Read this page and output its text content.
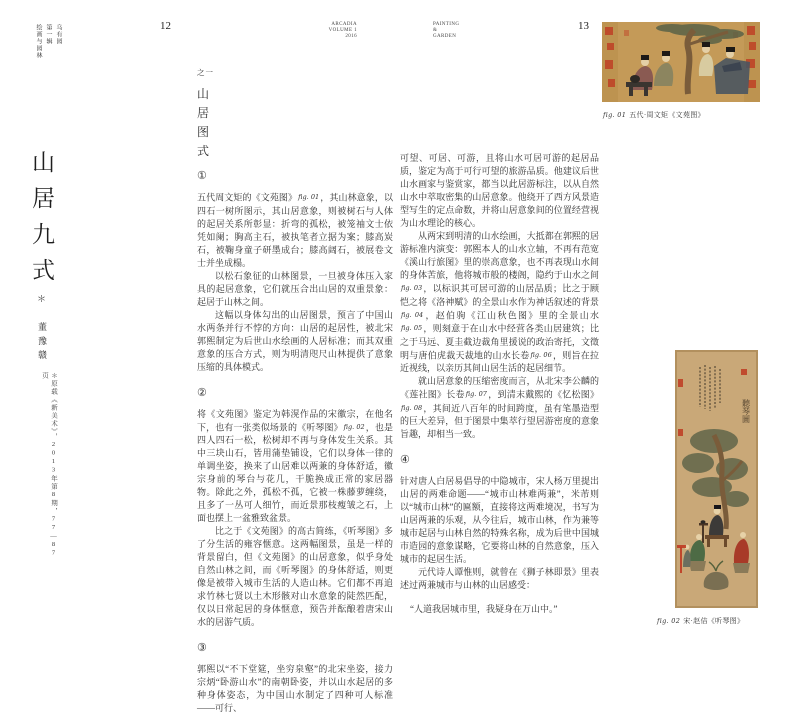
乌有园
第一辑
绘画与园林
山居九式＊
董豫赣
＊原载《新美术》，2013年第8期，77—87页
12	ARCADIA
VOLUME 1
2016
PAINTING
&
GARDEN
13
之一
山
居
图
式
①

五代周文矩的《文苑图》fig. 01，其山林意象，以四石一树所图示，其山居意象，则被树石与人体的起居关系所彰显：折弯的孤松，被笼袖文士依凭如阑；胸高主石，被执笔者立据为案；膝高炭石，被鞠身童子研墨成台；膝高阔石，被展卷文士并坐成榻。

以松石象征的山林图景，一旦被身体压入家具的起居意象，它们就压合出山居的双重景象：起居于山林之间。

这幅以身体勾出的山居图景，预言了中国山水两条并行不悖的方向：山居的起居性，被北宋郭熙制定为后世山水绘画的人居标准；而其双重意象的压合方式，则为明清咫尺山林提供了意象压缩的具体模式。

②

将《文苑图》鉴定为韩滉作品的宋徽宗，在他名下，也有一张类似场景的《听琴图》fig. 02，也是四人四石一松，松树却不再与身体发生关系。其中三块山石，皆用蒲垫铺设，它们以身体一律的单调坐姿，换来了山居难以两兼的身体舒适，徽宗身前的琴台与花几，干脆换成正常的家居器物。除此之外，孤松不孤，它被一株藤萝缠绕，且多了一丛可人细竹，而近景那枝瘦皱之石，上面也摆上一盆雅致盆景。

比之于《文苑图》的高古简练，《听琴图》多了分生活的雍容惬意。这两幅图景，虽是一样的背景留白，但《文苑图》的山居意象，似乎身处自然山林之间，而《听琴图》的身体舒适，则更像是被带入城市生活的人造山林。它们都不再追求竹林七贤以土木形骸对山水意象的陡然匹配，仅以日常起居的身体惬意，预告并酝酿着唐宋山水的居游气质。

③

郭熙以“不下堂筵，坐穷泉壑”的北宋坐姿，接力宗炳“卧游山水”的南朝卧姿，并以山水起居的多种身体姿态，为中国山水制定了四种可人标准——可行、

可望、可居、可游，且将山水可居可游的起居品质，鉴定为高于可行可望的旅游品质。他建议后世山水画家与鉴赏家，都当以此居游标注，以从自然山水中萃取密集的山居意象。他绕开了西方风景造型写生的定点命数，并将山居意象间的位置经营视为山水理论的核心。

从两宋到明清的山水绘画，大抵都在郭熙的居游标准内演变：郭熙本人的山水立轴，不再有范宽《溪山行旅图》里的崇高意象，也不再表现山水间的身体苦旅，他将城市般的楼阁，隐约于山水之间fig. 03，以标识其可居可游的山居品质；比之于顾恺之将《洛神赋》的全景山水作为神话叙述的背景fig. 04，赵伯驹《江山秋色图》里的全景山水fig. 05，则刻意于在山水中经营各类山居建筑；比之于马远、夏圭截边裁角里援说的政治寄托，文徵明与唐伯虎裁天裁地的山水长卷fig. 06，则旨在拉近视线，以亲历其间山居生活的起居细节。

就山居意象的压缩密度而言，从北宋李公麟的《莲社图》长卷fig. 07，到清末戴熙的《忆松图》fig. 08，其间近八百年的时间跨度，虽有笔墨造型的巨大差异，但于图景中集萃行望居游密度的意象旨趣，却相当一致。

④

针对唐人白居易倡导的中隐城市，宋人杨万里提出山居的两难命题——“城市山林难两兼”，米芾则以“城市山林”的匾额，直接将这两难境况，书写为山居两兼的乐观，从今往后，城市山林，作为兼等城市起居与山林自然的特殊名称，成为后世中国城市造园的意象谋略，它要将山林的自然意象，压入城市的起居生活。

元代诗人谭惟则，就曾在《狮子林即景》里表述过两兼城市与山林的山居感受：

“人道我居城市里，我疑身在万山中。”
fig. 01 五代·周文矩《文苑图》
聽琴圖
fig. 02 宋·赵佶《听琴图》
